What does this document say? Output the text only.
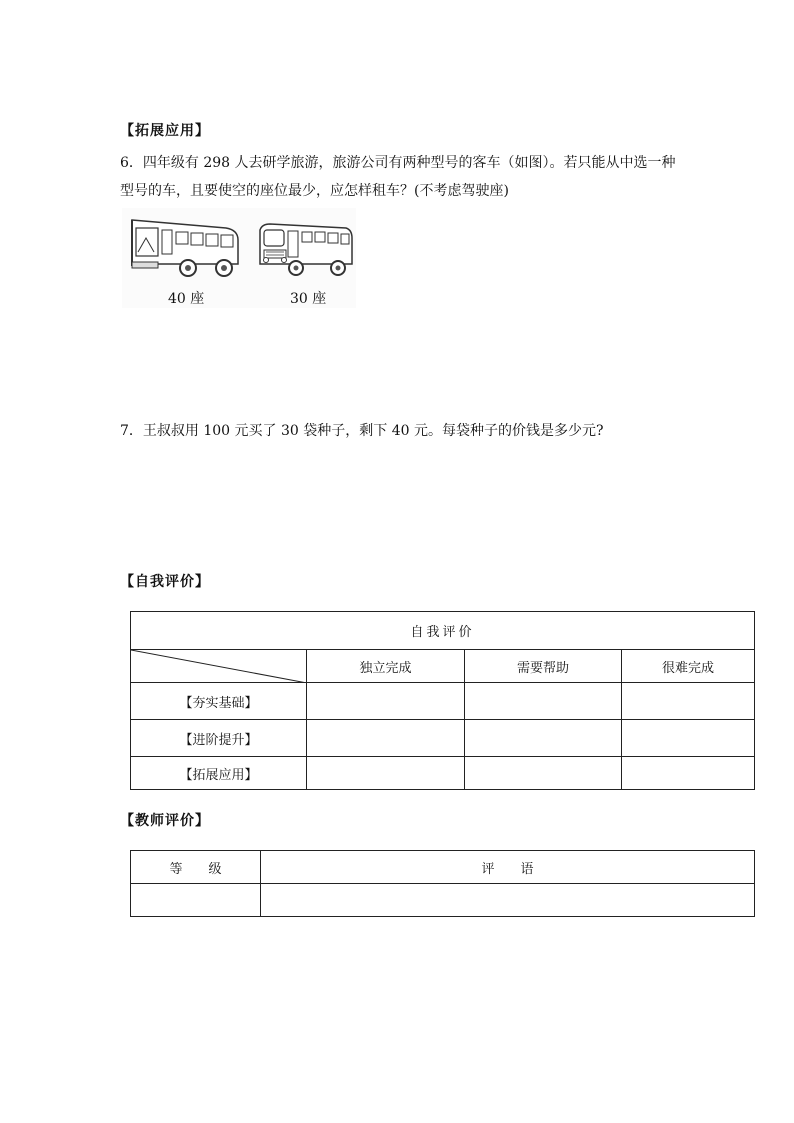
【拓展应用】
6．四年级有 298 人去研学旅游，旅游公司有两种型号的客车（如图）。若只能从中选一种
型号的车，且要使空的座位最少，应怎样租车？(不考虑驾驶座)
40 座	30 座
7．王叔叔用 100 元买了 30 袋种子，剩下 40 元。每袋种子的价钱是多少元?
【自我评价】
自我评价			

	独立完成	需要帮助	很难完成
【夯实基础】			
【进阶提升】			
【拓展应用】			
【教师评价】
等　　级	评　　语
